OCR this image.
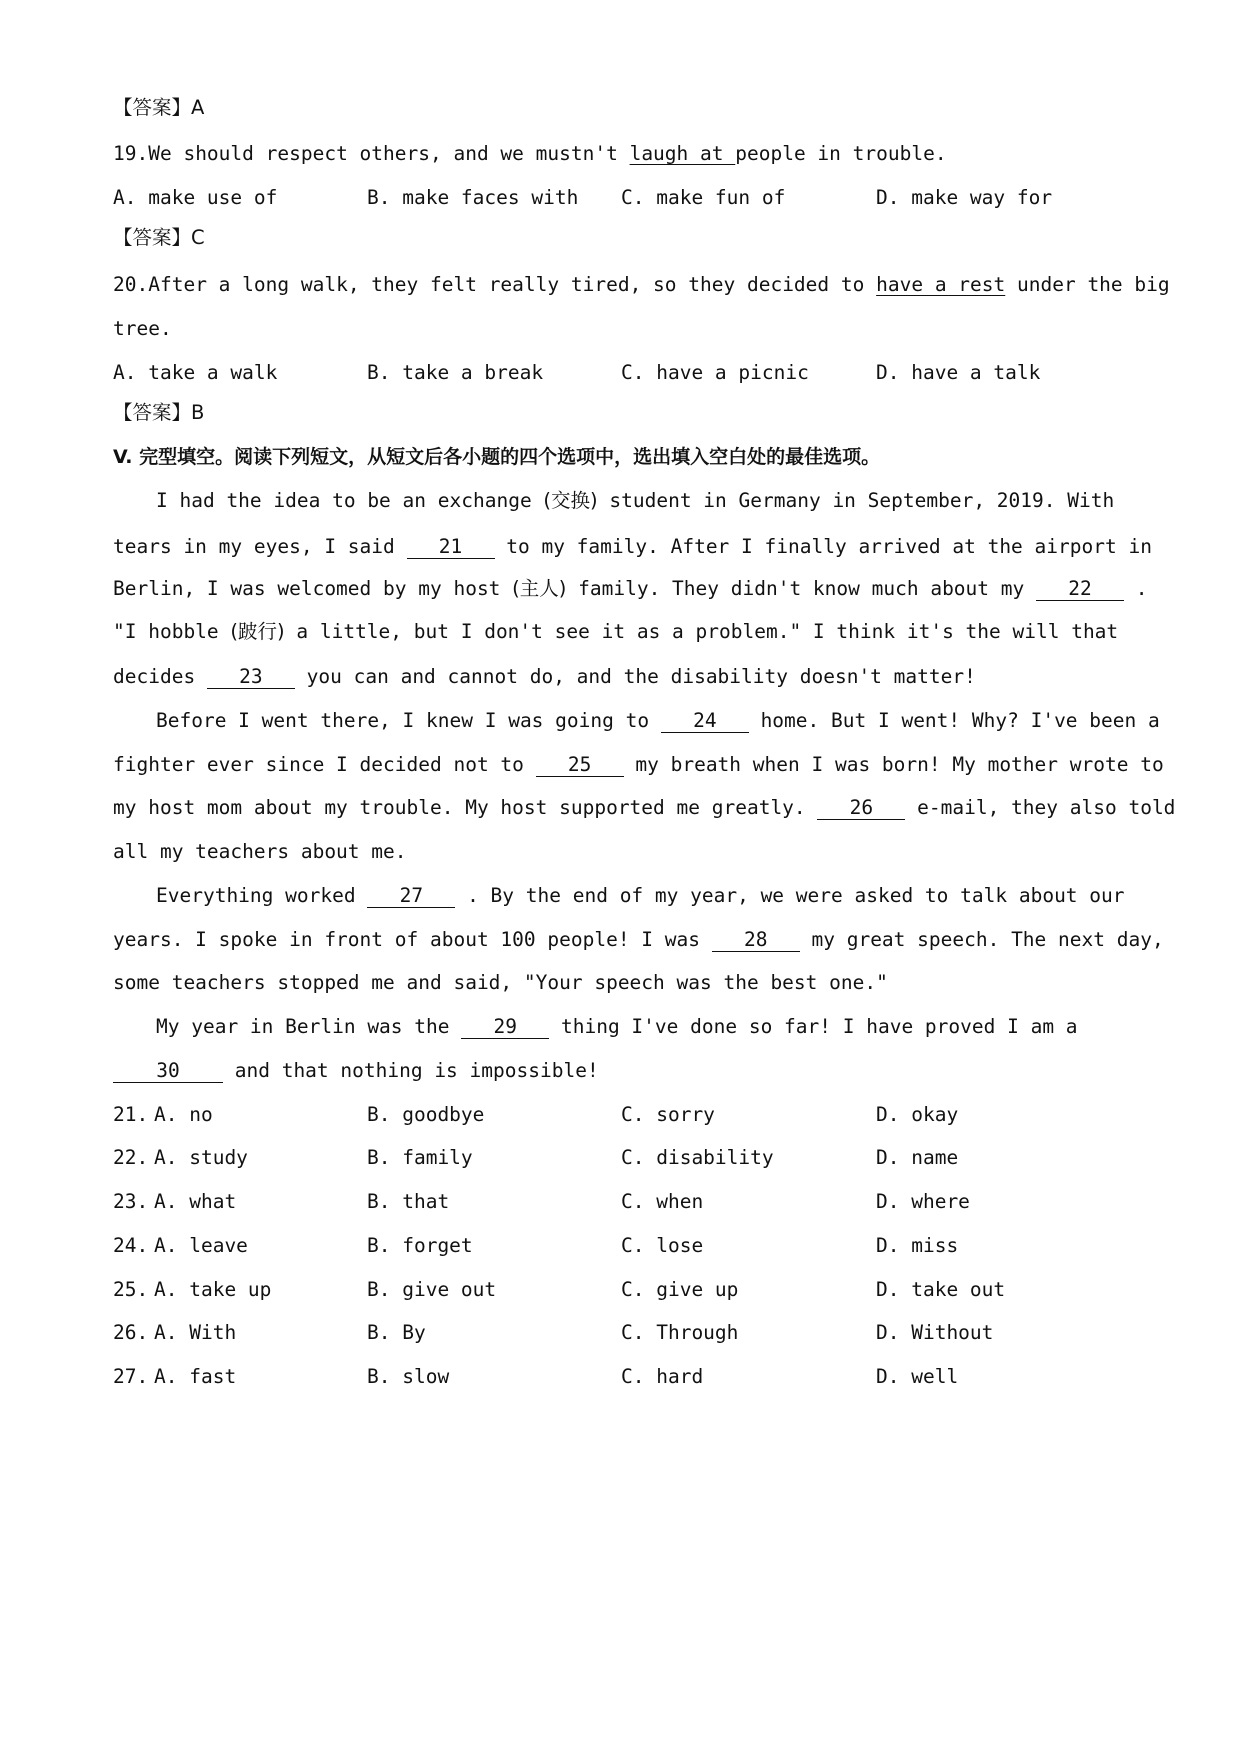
【答案】A
19.We should respect others, and we mustn't laugh at people in trouble.
A. make use of	B. make faces with C. make fun of	D. make way for
【答案】C
20.After a long walk, they felt really tired, so they decided to have a rest under the big
tree.
A. take a walk	B. take a break	C. have a picnic	D. have a talk
【答案】B
V. 完型填空。阅读下列短文，从短文后各小题的四个选项中，选出填入空白处的最佳选项。
I had the idea to be an exchange (交换) student in Germany in September, 2019. With
tears in my eyes, I said 21 to my family. After I finally arrived at the airport in
Berlin, I was welcomed by my host (主人) family. They didn't know much about my 22 .
"I hobble (跛行) a little, but I don't see it as a problem." I think it's the will that
decides 23 you can and cannot do, and the disability doesn't matter!
Before I went there, I knew I was going to 24 home. But I went! Why? I've been a
fighter ever since I decided not to 25 my breath when I was born! My mother wrote to
my host mom about my trouble. My host supported me greatly. 26 e-mail, they also told
all my teachers about me.
Everything worked 27 . By the end of my year, we were asked to talk about our
years. I spoke in front of about 100 people! I was 28 my great speech. The next day,
some teachers stopped me and said, "Your speech was the best one."
My year in Berlin was the 29 thing I've done so far! I have proved I am a
30 and that nothing is impossible!
21. A. no	B. goodbye	C. sorry	D. okay
22. A. study	B. family	C. disability	D. name
23. A. what	B. that	C. when	D. where
24. A. leave	B. forget	C. lose	D. miss
25. A. take up	B. give out	C. give up	D. take out
26. A. With	B. By	C. Through	D. Without
27. A. fast	B. slow	C. hard	D. well
